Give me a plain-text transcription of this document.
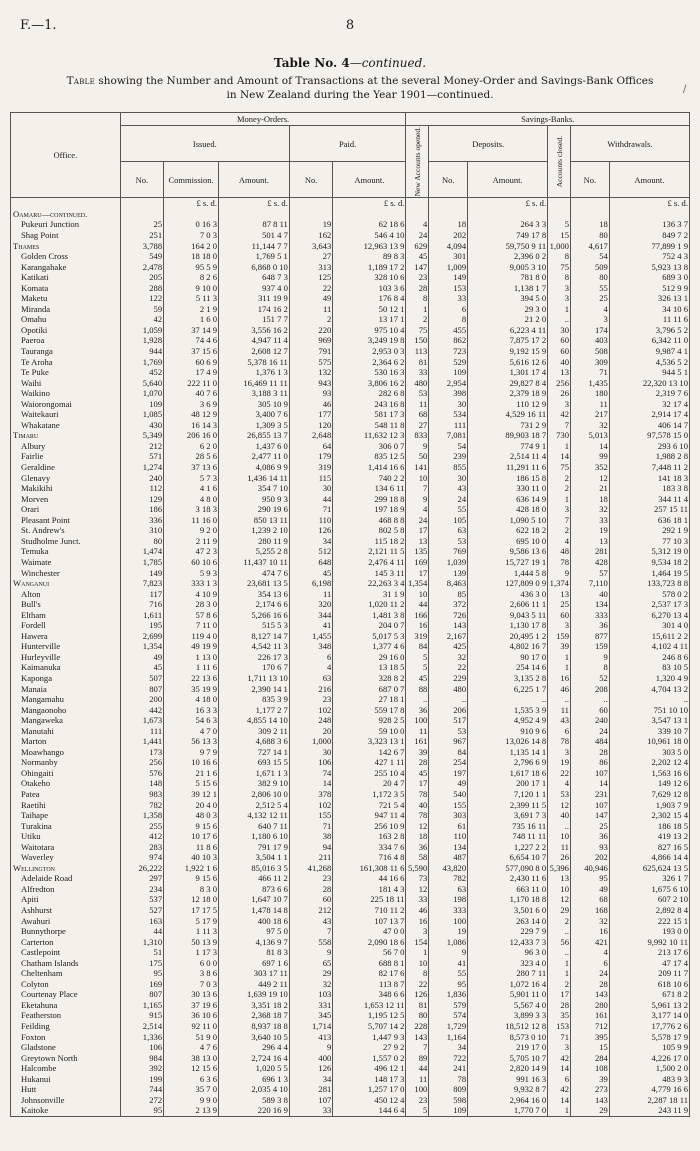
F.—1.	8
Table No. 4—continued.
Table showing the Number and Amount of Transactions at the several Money-Order and Savings-Bank Offices in New Zealand during the Year 1901—continued.	/
Office.	Money-Orders.					Savings-Banks.					
	Issued.			Paid.		New Accounts opened.	Deposits.		Accounts closed.	Withdrawals.	
	No.	Commission.	Amount.	No.	Amount.		No.	Amount.		No.	Amount.
		£ s. d.	£ s. d.		£ s. d.			£ s. d.			£ s. d.
Oamaru—continued.											
Pukeuri Junction	25	0 16 3	87 8 11	19	62 18 6	4	18	264 3 3	5	18	136 3 7
Shag Point	251	7 0 3	501 4 7	162	546 4 10	24	202	749 17 8	15	80	849 7 2
Thames	3,788	164 2 0	11,144 7 7	3,643	12,963 13 9	629	4,094	59,750 9 11	1,000	4,617	77,899 1 9
Golden Cross	549	18 18 0	1,769 5 1	27	89 8 3	45	301	2,396 0 2	8	54	752 4 3
Karangahake	2,478	95 5 9	6,868 0 10	313	1,189 17 2	147	1,009	9,005 3 10	75	509	5,923 13 8
Katikati	205	8 2 6	648 7 3	125	328 10 6	23	149	781 8 0	8	80	689 3 0
Komata	288	9 10 0	937 4 0	22	103 3 6	28	153	1,138 1 7	3	55	512 9 9
Maketu	122	5 11 3	311 19 9	49	176 8 4	8	33	394 5 0	3	25	326 13 1
Miranda	59	2 1 9	174 16 2	11	50 12 1	1	6	29 3 0	1	4	34 10 6
Omahu	42	1 6 0	151 7 7	2	13 17 1	2	8	21 2 0	..	3	11 11 6
Opotiki	1,059	37 14 9	3,556 16 2	220	975 10 4	75	455	6,223 4 11	30	174	3,796 5 2
Paeroa	1,928	74 4 6	4,947 11 4	969	3,249 19 8	150	862	7,875 17 2	60	403	6,342 11 0
Tauranga	944	37 15 6	2,608 12 7	791	2,953 0 3	113	723	9,192 15 9	60	508	9,987 4 1
Te Aroha	1,769	60 6 9	5,378 16 11	575	2,364 6 2	81	529	5,616 12 6	40	309	4,536 5 2
Te Puke	452	17 4 9	1,376 1 3	132	530 16 3	33	109	1,301 17 4	13	71	944 5 1
Waihi	5,640	222 11 0	16,469 11 11	943	3,806 16 2	480	2,954	29,827 8 4	256	1,435	22,320 13 10
Waikino	1,070	40 7 6	3,188 3 11	93	282 6 8	53	398	2,379 18 9	26	180	2,319 7 6
Waiorongomai	109	3 6 9	305 10 9	46	243 16 8	11	30	110 12 9	3	11	32 17 4
Waitekauri	1,085	48 12 9	3,400 7 6	177	581 17 3	68	534	4,529 16 11	42	217	2,914 17 4
Whakatane	430	16 14 3	1,309 3 5	120	548 11 8	27	111	731 2 9	7	32	406 14 7
Timaru	5,349	206 16 0	26,855 13 7	2,648	11,632 12 3	833	7,081	89,903 18 7	730	5,013	97,578 15 0
Albury	212	6 2 0	1,437 6 0	64	306 0 7	9	54	774 9 1	1	14	293 6 10
Fairlie	571	28 5 6	2,477 11 0	179	835 12 5	50	239	2,514 11 4	14	99	1,988 2 8
Geraldine	1,274	37 13 6	4,086 9 9	319	1,414 16 6	141	855	11,291 11 6	75	352	7,448 11 2
Glenavy	240	5 7 3	1,436 14 11	115	740 2 2	10	30	186 15 8	2	12	141 18 3
Makikihi	112	4 1 6	354 7 10	30	134 6 11	7	43	330 11 0	2	21	183 3 8
Morven	129	4 8 0	950 9 3	44	299 18 8	9	24	636 14 9	1	18	344 11 4
Orari	186	3 18 3	290 19 6	71	197 18 9	4	55	428 18 0	3	32	257 15 11
Pleasant Point	336	11 16 0	850 13 11	110	468 8 8	24	105	1,090 5 10	7	33	636 18 1
St. Andrew's	310	9 2 0	1,239 2 10	126	802 5 8	17	63	622 18 2	2	19	292 1 9
Studholme Junct.	80	2 11 9	280 11 9	34	115 18 2	13	53	695 10 0	4	13	77 10 3
Temuka	1,474	47 2 3	5,255 2 8	512	2,121 11 5	135	769	9,586 13 6	48	281	5,312 19 0
Waimate	1,785	60 10 6	11,437 10 11	648	2,476 4 11	169	1,039	15,727 19 1	78	428	9,534 18 2
Winchester	149	5 9 3	474 7 6	45	145 3 11	17	139	1,444 5 8	9	57	1,464 19 5
Wanganui	7,823	333 1 3	23,681 13 5	6,198	22,263 3 4	1,354	8,463	127,809 0 9	1,374	7,110	133,723 8 8
Alton	117	4 10 9	354 13 6	11	31 1 9	10	85	436 3 0	13	40	578 0 2
Bull's	716	28 3 0	2,174 6 6	320	1,020 11 2	44	372	2,606 11 1	25	134	2,537 17 3
Eltham	1,611	57 8 6	5,266 16 6	344	1,481 3 8	166	726	9,043 5 11	60	333	6,270 13 4
Fordell	195	7 11 0	515 5 3	41	204 0 7	16	143	1,130 17 8	3	36	301 4 0
Hawera	2,699	119 4 0	8,127 14 7	1,455	5,017 5 3	319	2,167	20,495 1 2	159	877	15,611 2 2
Hunterville	1,354	49 19 9	4,542 11 3	348	1,377 4 6	84	425	4,802 16 7	39	159	4,102 4 11
Hurleyville	49	1 13 0	226 17 3	6	29 16 0	5	32	90 17 0	1	9	246 8 6
Kaimanuka	45	1 11 6	170 6 7	4	13 18 5	5	22	254 14 6	1	8	83 10 5
Kaponga	507	22 13 6	1,711 13 10	63	328 8 2	45	229	3,135 2 8	16	52	1,320 4 9
Manaia	807	35 19 9	2,390 14 1	216	687 0 7	88	480	6,225 1 7	46	208	4,704 13 2
Mangamahu	200	4 18 0	835 3 9	23	27 18 1	..	..	..	..	..	..
Mangaonoho	442	16 3 3	1,177 2 7	102	559 17 8	36	206	1,535 3 9	11	60	751 10 10
Mangaweka	1,673	54 6 3	4,855 14 10	248	928 2 5	100	517	4,952 4 9	43	240	3,547 13 1
Manutahi	111	4 7 0	309 2 11	20	59 10 0	11	53	910 9 6	6	24	339 10 7
Marton	1,441	56 13 3	4,688 3 6	1,000	3,323 13 1	161	967	13,026 14 8	78	484	10,961 18 0
Moawhango	173	9 7 9	727 14 1	30	142 6 7	39	84	1,135 14 1	3	28	303 5 0
Normanby	256	10 16 6	693 15 5	106	427 1 11	28	254	2,796 6 9	19	86	2,202 12 4
Ohingaiti	576	21 1 6	1,671 1 3	74	255 10 4	45	197	1,617 18 6	22	107	1,563 16 6
Otakeho	148	5 15 6	382 9 10	14	20 4 7	17	49	200 17 1	4	14	149 12 6
Patea	983	39 12 1	2,806 10 0	378	1,172 3 5	78	540	7,120 1 1	53	231	7,629 12 8
Raetihi	782	20 4 0	2,512 5 4	102	721 5 4	40	155	2,399 11 5	12	107	1,903 7 9
Taihape	1,358	48 0 3	4,132 12 11	155	947 11 4	78	303	3,691 7 3	40	147	2,302 15 4
Turakina	255	9 15 6	640 7 11	71	256 10 9	12	61	735 16 11	..	25	186 18 5
Utiku	412	10 17 6	1,180 6 10	38	163 2 8	18	110	748 11 11	10	36	419 13 2
Waitotara	283	11 8 6	791 17 9	94	334 7 6	36	134	1,227 2 2	11	93	827 16 5
Waverley	974	40 10 3	3,504 1 1	211	716 4 8	58	487	6,654 10 7	26	202	4,866 14 4
Wellington	26,222	1,922 1 6	85,016 3 5	41,268	161,308 11 6	5,590	43,820	577,090 8 0	5,396	40,946	625,624 13 5
Adelaide Road	297	9 15 6	466 11 2	23	44 16 6	73	782	2,430 11 6	13	95	326 1 7
Alfredton	234	8 3 0	873 6 6	28	181 4 3	12	63	663 11 0	10	49	1,675 6 10
Apiti	537	12 18 0	1,647 10 7	60	225 18 11	33	198	1,170 18 8	12	68	607 2 10
Ashhurst	527	17 17 5	1,478 14 8	212	710 11 2	46	333	3,501 6 0	29	168	2,892 8 4
Awahuri	163	5 17 9	400 18 6	43	107 13 7	16	100	263 14 0	2	32	222 15 1
Bunnythorpe	44	1 11 3	97 5 0	7	47 0 0	3	19	229 7 9	..	16	193 0 0
Carterton	1,310	50 13 9	4,136 9 7	558	2,090 18 6	154	1,086	12,433 7 3	56	421	9,992 10 11
Castlepoint	51	1 17 3	81 8 3	9	56 7 0	1	9	96 3 0	..	4	213 17 6
Chatham Islands	175	6 0 0	697 1 6	65	688 8 1	10	41	323 4 0	1	6	47 17 4
Cheltenham	95	3 8 6	303 17 11	29	82 17 6	8	55	280 7 11	1	24	209 11 7
Colyton	169	7 0 3	449 2 11	32	113 8 7	22	95	1,072 16 4	2	28	618 10 6
Courtenay Place	807	30 13 6	1,639 19 10	103	348 6 6	126	1,836	5,901 11 0	17	143	671 8 2
Eketahuna	1,165	37 19 6	3,351 18 2	331	1,653 12 11	81	579	5,567 4 0	28	280	5,961 13 2
Featherston	915	36 10 6	2,368 18 7	345	1,195 12 5	80	574	3,899 3 3	35	161	3,177 14 0
Feilding	2,514	92 11 0	8,937 18 8	1,714	5,707 14 2	228	1,729	18,512 12 8	153	712	17,776 2 6
Foxton	1,336	51 9 0	3,640 10 5	413	1,447 9 3	143	1,164	8,573 0 10	71	395	5,578 17 9
Gladstone	106	4 7 6	296 4 4	9	27 9 2	7	34	219 17 0	3	15	105 9 9
Greytown North	984	38 13 0	2,724 16 4	400	1,557 0 2	89	722	5,705 10 7	42	284	4,226 17 0
Halcombe	392	12 15 6	1,020 5 5	126	496 12 1	44	241	2,820 14 9	14	108	1,500 2 0
Hukanui	199	6 3 6	696 1 3	34	148 17 3	11	78	991 16 3	6	39	483 9 3
Hutt	744	35 7 0	2,035 4 10	281	1,257 17 0	100	809	9,932 8 7	42	273	4,779 16 6
Johnsonville	272	9 9 0	589 3 8	107	450 12 4	23	598	2,964 16 0	14	143	2,287 18 11
Kaitoke	95	2 13 9	220 16 9	33	144 6 4	5	109	1,770 7 0	1	29	243 11 9
